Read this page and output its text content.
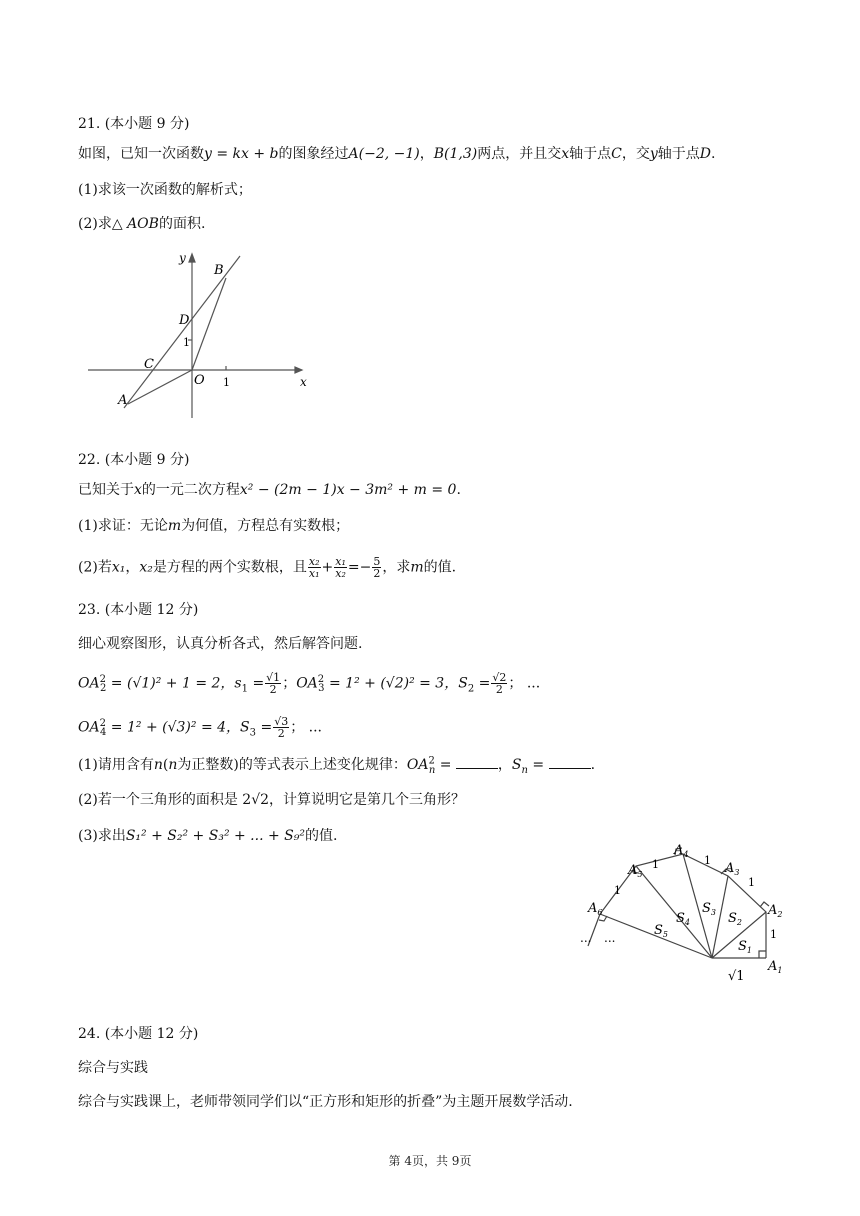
21. (本小题 9 分)
如图，已知一次函数y = kx + b的图象经过A(−2, −1)，B(1,3)两点，并且交x轴于点C，交y轴于点D.
(1)求该一次函数的解析式；
(2)求△ AOB的面积.
y
B
D
1
C
O 1	x
A
22. (本小题 9 分)
已知关于x的一元二次方程x² − (2m − 1)x − 3m² + m = 0.
(1)求证：无论m为何值，方程总有实数根；
(2)若x₁，x₂是方程的两个实数根，且 $\frac{\text{x₂}}{\text{x₁}} + \frac{\text{x₁}}{\text{x₂}} =- \frac{5}{2}$ ，求m的值.
23. (本小题 12 分)
细心观察图形，认真分析各式，然后解答问题.
$OA^2_2 = (√1)^2 + 1 = 2$，$s_1 = \frac{√1}{2}$ ；$OA^2_3 = 1^2 + (√2)^2 = 3$，$S_2 = \frac{√2}{2}$ ； ...
$OA^2_4 = 1^2 + (√3)^2 = 4$，$S_3 = \frac{√3}{2}$ ； ...
(1)请用含有n(n为正整数)的等式表示上述变化规律：$OA^2_n$ =	，$S_n$ =	.
(2)若一个三角形的面积是 2√2，计算说明它是第几个三角形？
(3)求出S₁² + S₂² + S₃² + ... + S₉²的值.
$A_1$
$A_2$
$A_3$
$A_4$
$A_5$
$A_6$
$S_1$
$S_2$
$S_3$
$S_4$
$S_5$	1
1
1
1
1
√1
...
...
24. (本小题 12 分)
综合与实践
综合与实践课上，老师带领同学们以“正方形和矩形的折叠”为主题开展数学活动.
第 4页，共 9页
